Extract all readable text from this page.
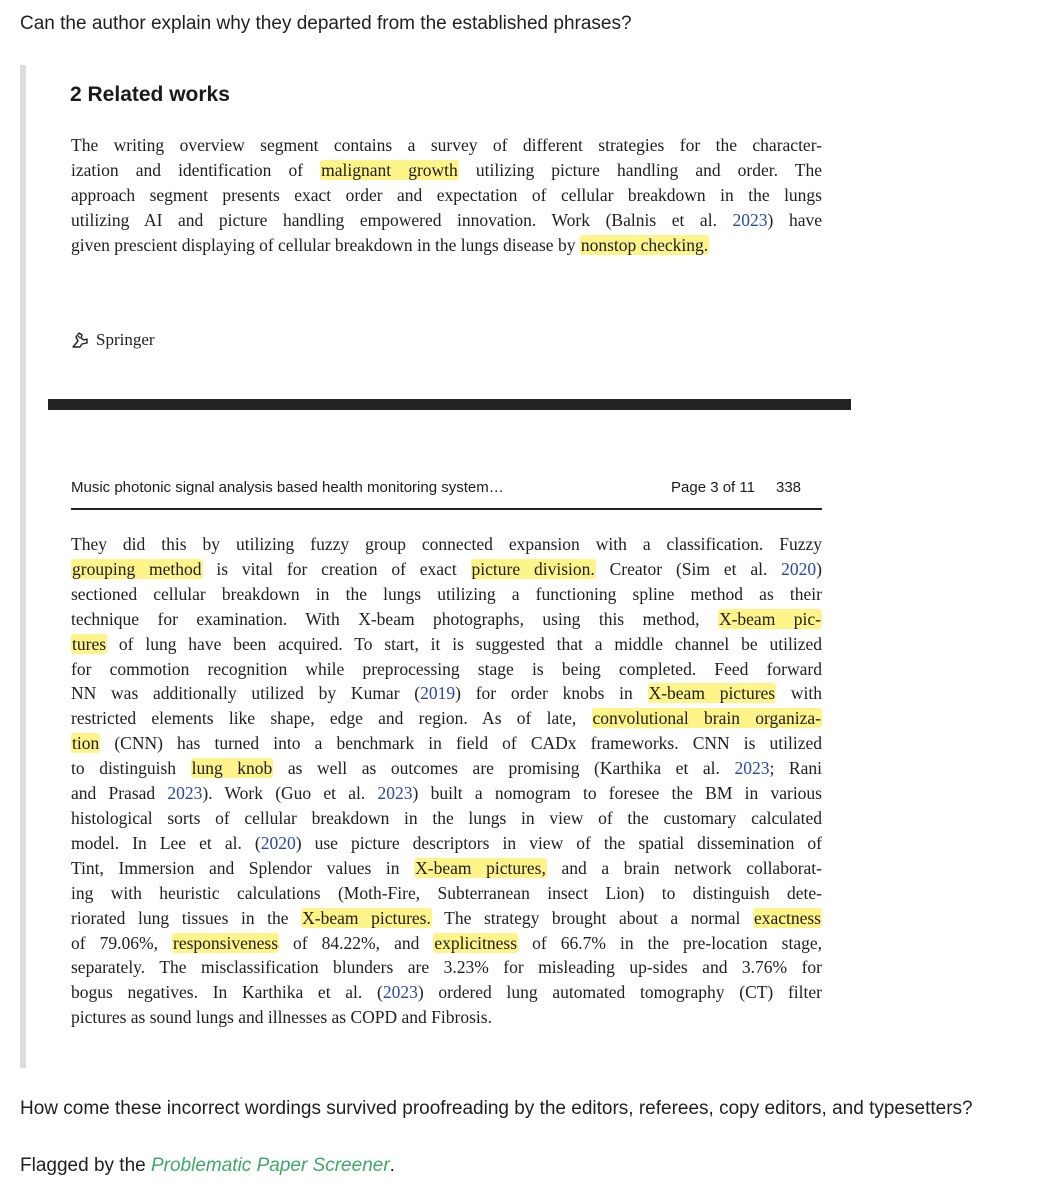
Can the author explain why they departed from the established phrases?

2 Related works
The writing overview segment contains a survey of different strategies for the character-
ization and identification of malignant growth utilizing picture handling and order. The
approach segment presents exact order and expectation of cellular breakdown in the lungs
utilizing AI and picture handling empowered innovation. Work (Balnis et al. 2023) have
given prescient displaying of cellular breakdown in the lungs disease by nonstop checking.
Springer
Music photonic signal analysis based health monitoring system…	Page 3 of 11 338
They did this by utilizing fuzzy group connected expansion with a classification. Fuzzy
grouping method is vital for creation of exact picture division. Creator (Sim et al. 2020)
sectioned cellular breakdown in the lungs utilizing a functioning spline method as their
technique for examination. With X-beam photographs, using this method, X-beam pic-
tures of lung have been acquired. To start, it is suggested that a middle channel be utilized
for commotion recognition while preprocessing stage is being completed. Feed forward
NN was additionally utilized by Kumar (2019) for order knobs in X-beam pictures with
restricted elements like shape, edge and region. As of late, convolutional brain organiza-
tion (CNN) has turned into a benchmark in field of CADx frameworks. CNN is utilized
to distinguish lung knob as well as outcomes are promising (Karthika et al. 2023; Rani
and Prasad 2023). Work (Guo et al. 2023) built a nomogram to foresee the BM in various
histological sorts of cellular breakdown in the lungs in view of the customary calculated
model. In Lee et al. (2020) use picture descriptors in view of the spatial dissemination of
Tint, Immersion and Splendor values in X-beam pictures, and a brain network collaborat-
ing with heuristic calculations (Moth-Fire, Subterranean insect Lion) to distinguish dete-
riorated lung tissues in the X-beam pictures. The strategy brought about a normal exactness
of 79.06%, responsiveness of 84.22%, and explicitness of 66.7% in the pre-location stage,
separately. The misclassification blunders are 3.23% for misleading up-sides and 3.76% for
bogus negatives. In Karthika et al. (2023) ordered lung automated tomography (CT) filter
pictures as sound lungs and illnesses as COPD and Fibrosis.

How come these incorrect wordings survived proofreading by the editors, referees, copy editors, and typesetters?

Flagged by the Problematic Paper Screener.
